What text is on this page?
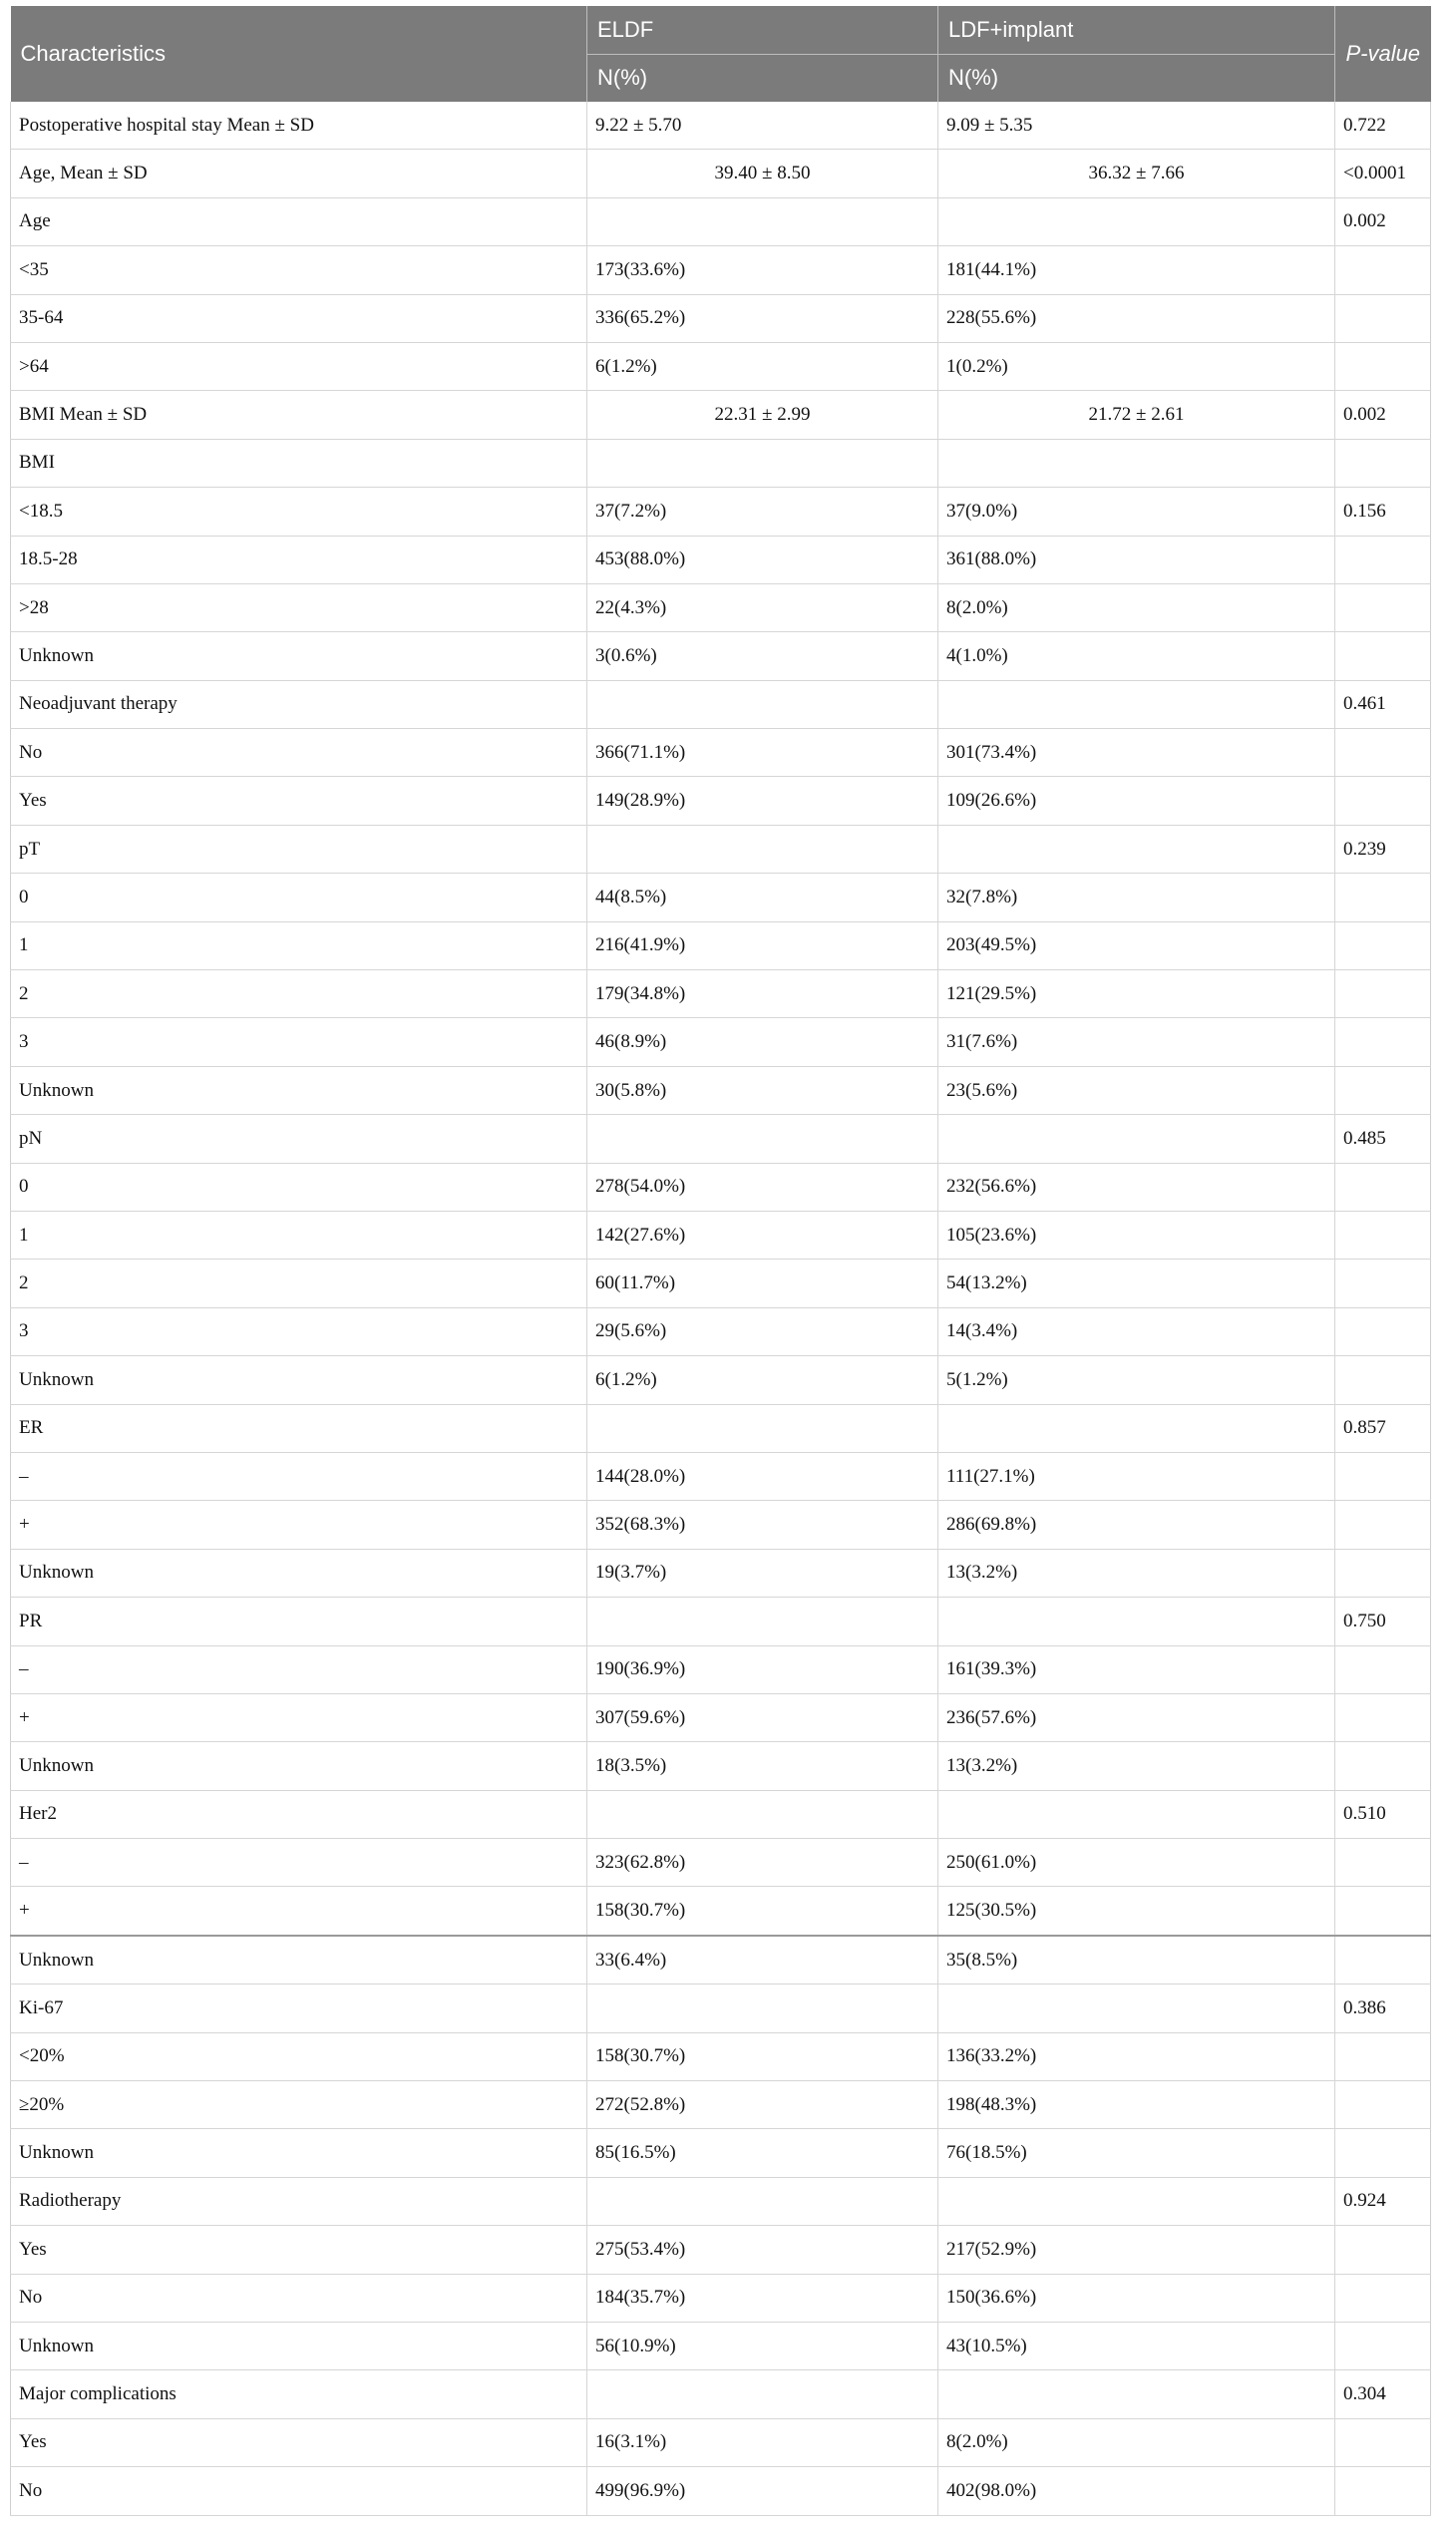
Characteristics	ELDF	LDF+implant	P-value
	N(%)	N(%)	
Postoperative hospital stay Mean ± SD	9.22 ± 5.70	9.09 ± 5.35	0.722
Age, Mean ± SD	39.40 ± 8.50	36.32 ± 7.66	<0.0001
Age			0.002
<35	173(33.6%)	181(44.1%)	
35-64	336(65.2%)	228(55.6%)	
>64	6(1.2%)	1(0.2%)	
BMI Mean ± SD	22.31 ± 2.99	21.72 ± 2.61	0.002
BMI			
<18.5	37(7.2%)	37(9.0%)	0.156
18.5-28	453(88.0%)	361(88.0%)	
>28	22(4.3%)	8(2.0%)	
Unknown	3(0.6%)	4(1.0%)	
Neoadjuvant therapy			0.461
No	366(71.1%)	301(73.4%)	
Yes	149(28.9%)	109(26.6%)	
pT			0.239
0	44(8.5%)	32(7.8%)	
1	216(41.9%)	203(49.5%)	
2	179(34.8%)	121(29.5%)	
3	46(8.9%)	31(7.6%)	
Unknown	30(5.8%)	23(5.6%)	
pN			0.485
0	278(54.0%)	232(56.6%)	
1	142(27.6%)	105(23.6%)	
2	60(11.7%)	54(13.2%)	
3	29(5.6%)	14(3.4%)	
Unknown	6(1.2%)	5(1.2%)	
ER			0.857
–	144(28.0%)	111(27.1%)	
+	352(68.3%)	286(69.8%)	
Unknown	19(3.7%)	13(3.2%)	
PR			0.750
–	190(36.9%)	161(39.3%)	
+	307(59.6%)	236(57.6%)	
Unknown	18(3.5%)	13(3.2%)	
Her2			0.510
–	323(62.8%)	250(61.0%)	
+	158(30.7%)	125(30.5%)	
Unknown	33(6.4%)	35(8.5%)	
Ki-67			0.386
<20%	158(30.7%)	136(33.2%)	
≥20%	272(52.8%)	198(48.3%)	
Unknown	85(16.5%)	76(18.5%)	
Radiotherapy			0.924
Yes	275(53.4%)	217(52.9%)	
No	184(35.7%)	150(36.6%)	
Unknown	56(10.9%)	43(10.5%)	
Major complications			0.304
Yes	16(3.1%)	8(2.0%)	
No	499(96.9%)	402(98.0%)	
